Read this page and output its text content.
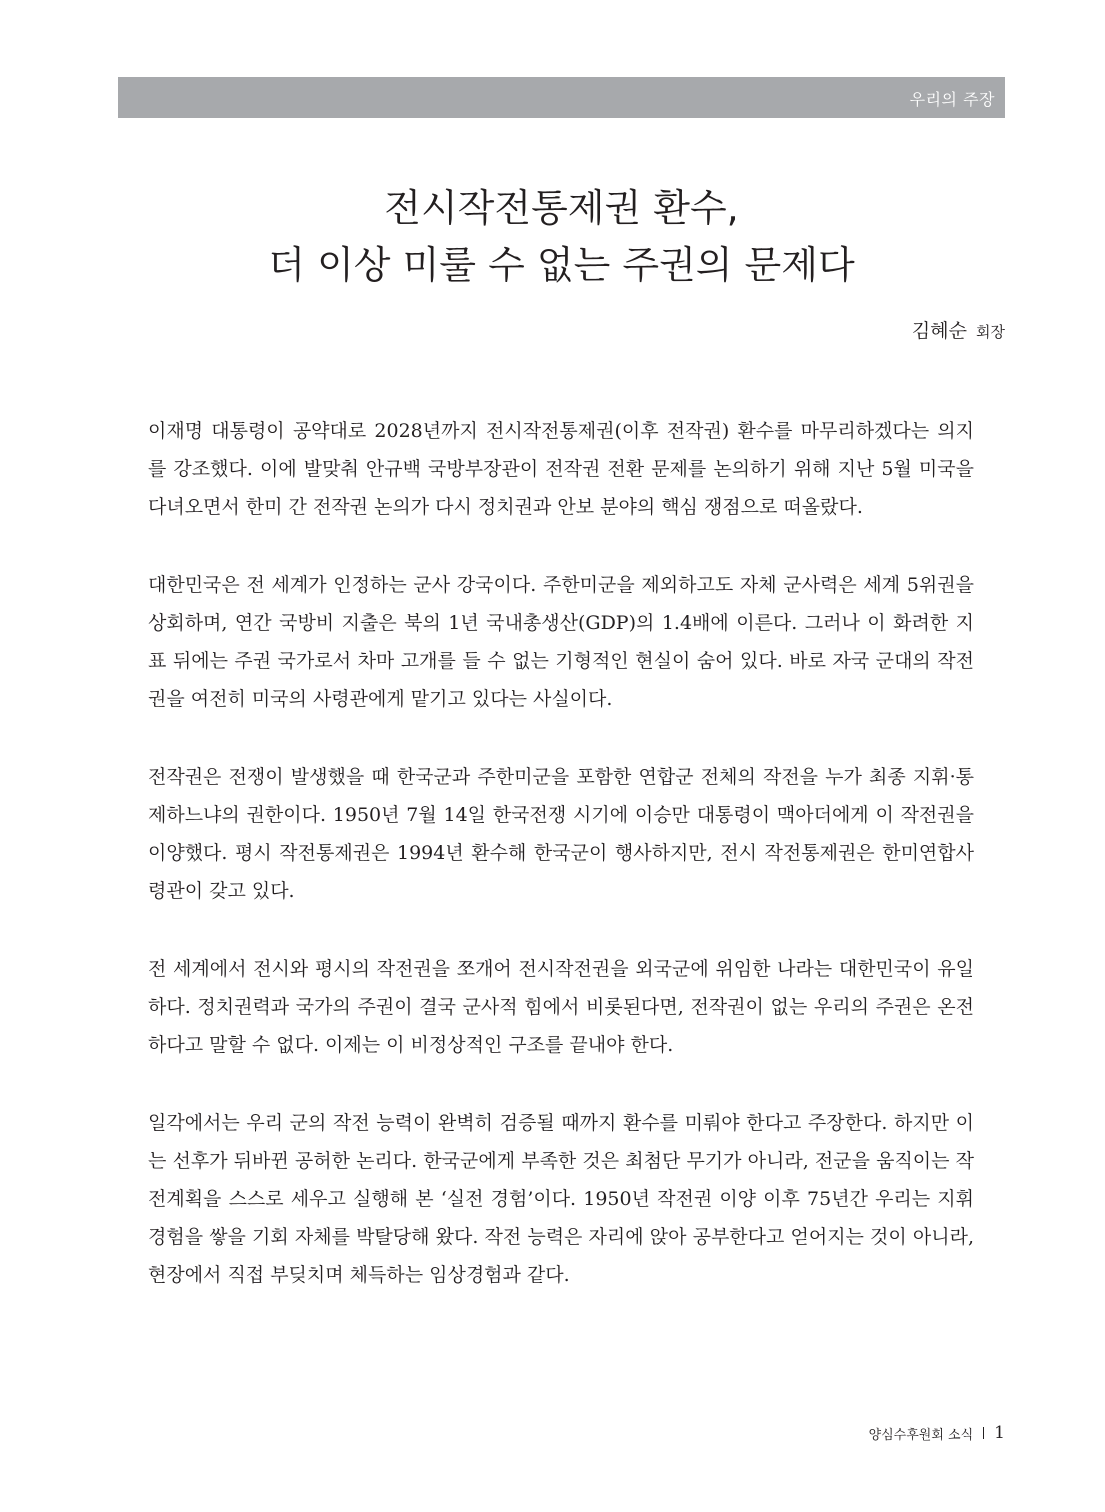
우리의 주장
전시작전통제권 환수,
더 이상 미룰 수 없는 주권의 문제다
김혜순 회장

이재명 대통령이 공약대로 2028년까지 전시작전통제권(이후 전작권) 환수를 마무리하겠다는 의지를 강조했다. 이에 발맞춰 안규백 국방부장관이 전작권 전환 문제를 논의하기 위해 지난 5월 미국을 다녀오면서 한미 간 전작권 논의가 다시 정치권과 안보 분야의 핵심 쟁점으로 떠올랐다.

대한민국은 전 세계가 인정하는 군사 강국이다. 주한미군을 제외하고도 자체 군사력은 세계 5위권을 상회하며, 연간 국방비 지출은 북의 1년 국내총생산(GDP)의 1.4배에 이른다. 그러나 이 화려한 지표 뒤에는 주권 국가로서 차마 고개를 들 수 없는 기형적인 현실이 숨어 있다. 바로 자국 군대의 작전권을 여전히 미국의 사령관에게 맡기고 있다는 사실이다.

전작권은 전쟁이 발생했을 때 한국군과 주한미군을 포함한 연합군 전체의 작전을 누가 최종 지휘·통제하느냐의 권한이다. 1950년 7월 14일 한국전쟁 시기에 이승만 대통령이 맥아더에게 이 작전권을 이양했다. 평시 작전통제권은 1994년 환수해 한국군이 행사하지만, 전시 작전통제권은 한미연합사령관이 갖고 있다.

전 세계에서 전시와 평시의 작전권을 쪼개어 전시작전권을 외국군에 위임한 나라는 대한민국이 유일하다. 정치권력과 국가의 주권이 결국 군사적 힘에서 비롯된다면, 전작권이 없는 우리의 주권은 온전하다고 말할 수 없다. 이제는 이 비정상적인 구조를 끝내야 한다.

일각에서는 우리 군의 작전 능력이 완벽히 검증될 때까지 환수를 미뤄야 한다고 주장한다. 하지만 이는 선후가 뒤바뀐 공허한 논리다. 한국군에게 부족한 것은 최첨단 무기가 아니라, 전군을 움직이는 작전계획을 스스로 세우고 실행해 본 ‘실전 경험’이다. 1950년 작전권 이양 이후 75년간 우리는 지휘 경험을 쌓을 기회 자체를 박탈당해 왔다. 작전 능력은 자리에 앉아 공부한다고 얻어지는 것이 아니라, 현장에서 직접 부딪치며 체득하는 임상경험과 같다.

양심수후원회 소식 1
